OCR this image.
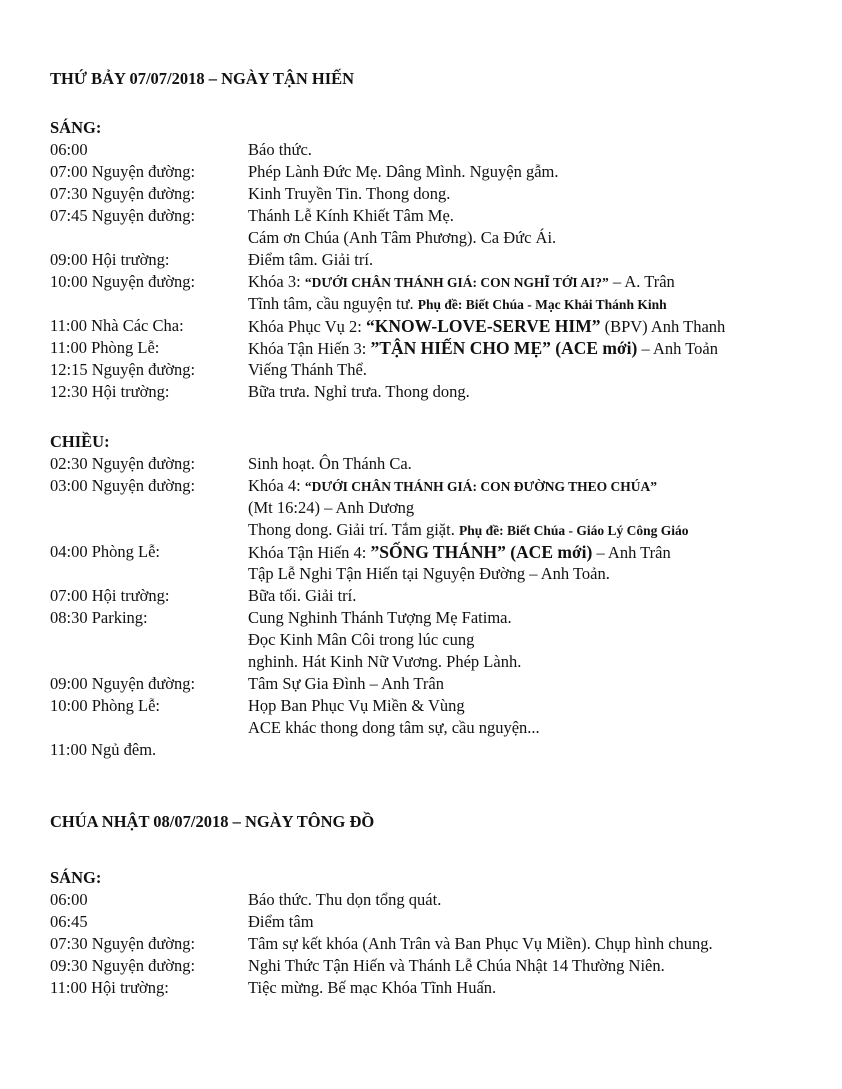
THỨ BẢY 07/07/2018 – NGÀY TẬN HIẾN
SÁNG:
06:00	Báo thức.
07:00 Nguyện đường:	Phép Lành Đức Mẹ. Dâng Mình. Nguyện gẫm.
07:30 Nguyện đường:	Kinh Truyền Tin. Thong dong.
07:45 Nguyện đường:	Thánh Lễ Kính Khiết Tâm Mẹ.
Cám ơn Chúa (Anh Tâm Phương). Ca Đức Ái.
09:00 Hội trường:	Điểm tâm. Giải trí.
10:00 Nguyện đường:	Khóa 3: “DƯỚI CHÂN THÁNH GIÁ: CON NGHĨ TỚI AI?” – A. Trân
Tĩnh tâm, cầu nguyện tư. Phụ đề: Biết Chúa - Mạc Khải Thánh Kinh
11:00 Nhà Các Cha:	Khóa Phục Vụ 2: “KNOW-LOVE-SERVE HIM” (BPV) Anh Thanh
11:00 Phòng Lễ:	Khóa Tận Hiến 3: ”TẬN HIẾN CHO MẸ” (ACE mới) – Anh Toản
12:15 Nguyện đường:	Viếng Thánh Thể.
12:30 Hội trường:	Bữa trưa. Nghỉ trưa. Thong dong.
CHIỀU:
02:30 Nguyện đường:	Sinh hoạt. Ôn Thánh Ca.
03:00 Nguyện đường:	Khóa 4: “DƯỚI CHÂN THÁNH GIÁ: CON ĐƯỜNG THEO CHÚA”
(Mt 16:24) – Anh Dương
Thong dong. Giải trí. Tắm giặt. Phụ đề: Biết Chúa - Giáo Lý Công Giáo
04:00 Phòng Lễ:	Khóa Tận Hiến 4: ”SỐNG THÁNH” (ACE mới) – Anh Trân
Tập Lễ Nghi Tận Hiến tại Nguyện Đường – Anh Toản.
07:00 Hội trường:	Bữa tối. Giải trí.
08:30 Parking:	Cung Nghinh Thánh Tượng Mẹ Fatima.
Đọc Kinh Mân Côi trong lúc cung
nghinh. Hát Kinh Nữ Vương. Phép Lành.
09:00 Nguyện đường:	Tâm Sự Gia Đình – Anh Trân
10:00 Phòng Lễ:	Họp Ban Phục Vụ Miền & Vùng
ACE khác thong dong tâm sự, cầu nguyện...
11:00 Ngủ đêm.
CHÚA NHẬT 08/07/2018 – NGÀY TÔNG ĐỒ
SÁNG:
06:00	Báo thức. Thu dọn tổng quát.
06:45	Điểm tâm
07:30 Nguyện đường:	Tâm sự kết khóa (Anh Trân và Ban Phục Vụ Miền). Chụp hình chung.
09:30 Nguyện đường:	Nghi Thức Tận Hiến và Thánh Lễ Chúa Nhật 14 Thường Niên.
11:00 Hội trường:	Tiệc mừng. Bế mạc Khóa Tĩnh Huấn.
